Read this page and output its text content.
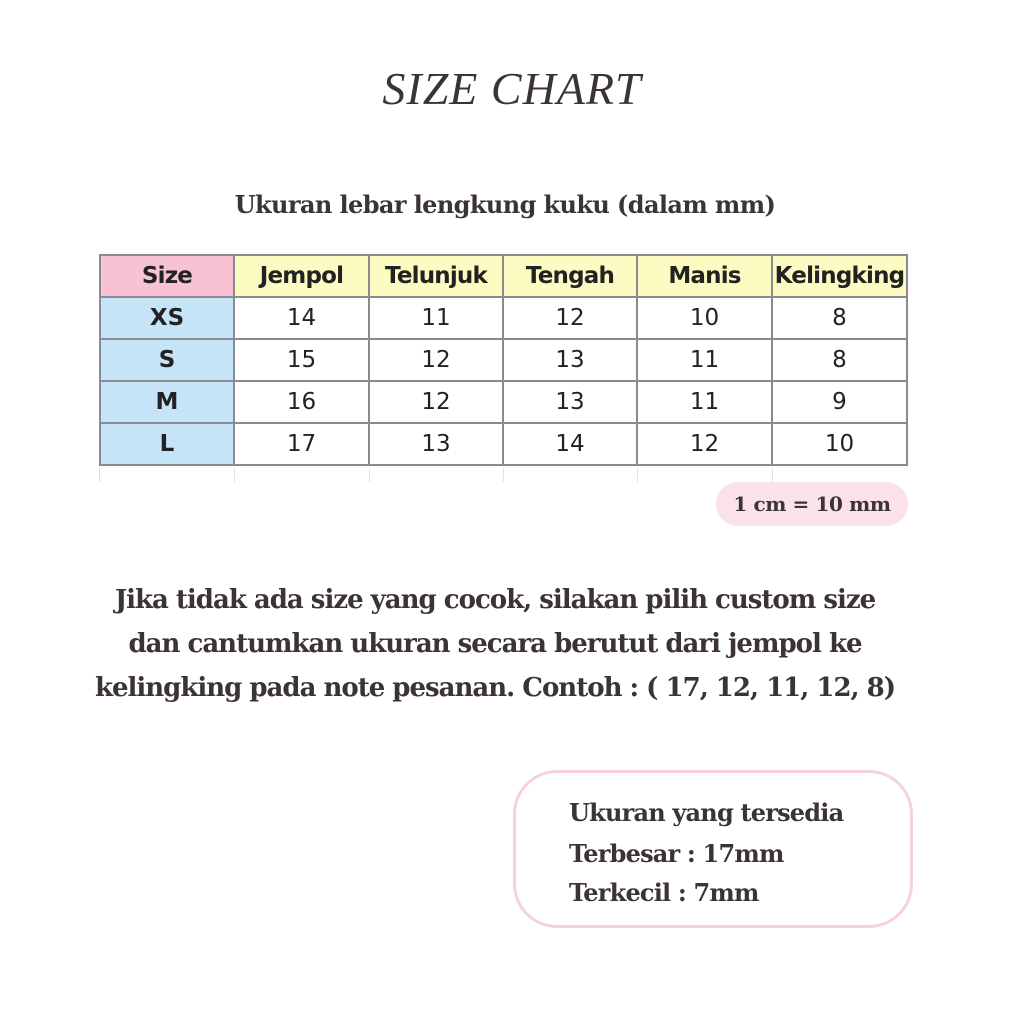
SIZE CHART
Ukuran lebar lengkung kuku (dalam mm)
Size	Jempol	Telunjuk	Tengah	Manis	Kelingking
XS	14	11	12	10	8
S	15	12	13	11	8
M	16	12	13	11	9
L	17	13	14	12	10
1 cm = 10 mm
Jika tidak ada size yang cocok, silakan pilih custom size
dan cantumkan ukuran secara berutut dari jempol ke
kelingking pada note pesanan. Contoh : ( 17, 12, 11, 12, 8)
Ukuran yang tersedia
Terbesar : 17mm
Terkecil : 7mm
